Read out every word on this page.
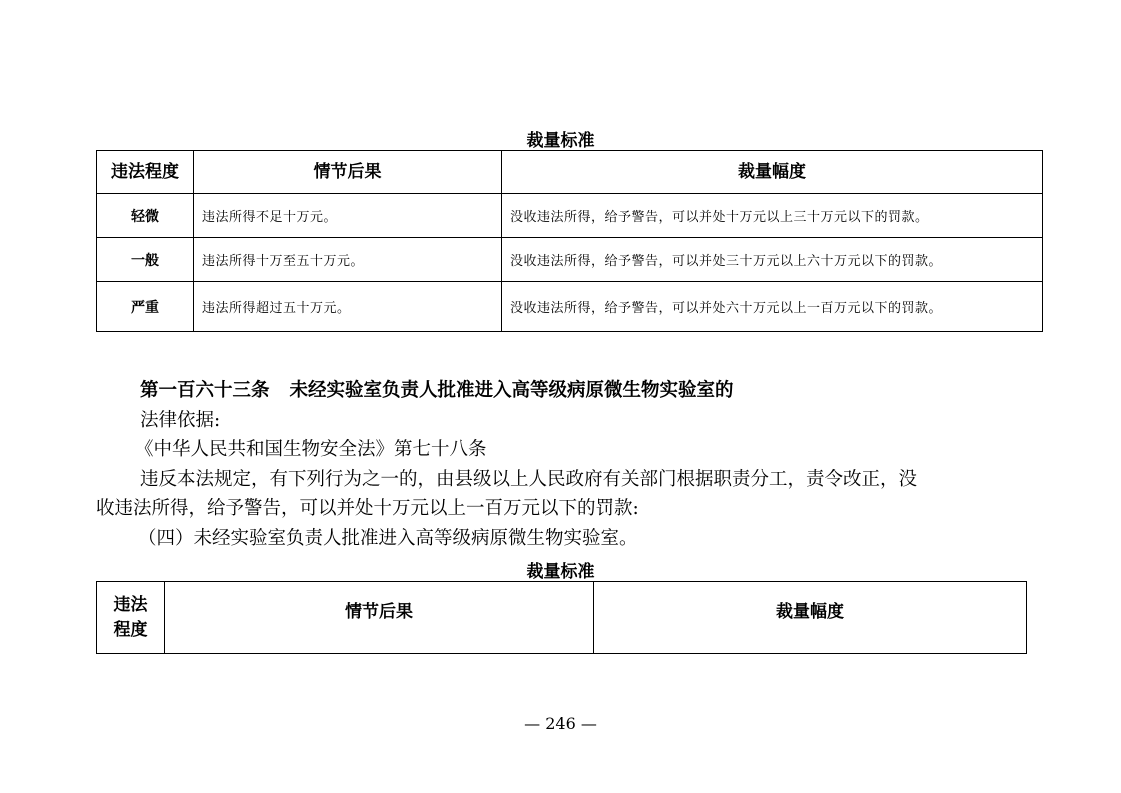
裁量标准
违法程度	情节后果	裁量幅度
轻微	违法所得不足十万元。	没收违法所得，给予警告，可以并处十万元以上三十万元以下的罚款。
一般	违法所得十万至五十万元。	没收违法所得，给予警告，可以并处三十万元以上六十万元以下的罚款。
严重	违法所得超过五十万元。	没收违法所得，给予警告，可以并处六十万元以上一百万元以下的罚款。
第一百六十三条 未经实验室负责人批准进入高等级病原微生物实验室的
法律依据:
《中华人民共和国生物安全法》第七十八条
违反本法规定，有下列行为之一的，由县级以上人民政府有关部门根据职责分工，责令改正，没
收违法所得，给予警告，可以并处十万元以上一百万元以下的罚款:
（四）未经实验室负责人批准进入高等级病原微生物实验室。
裁量标准
违法
程度
	情节后果	裁量幅度
— 246 —
